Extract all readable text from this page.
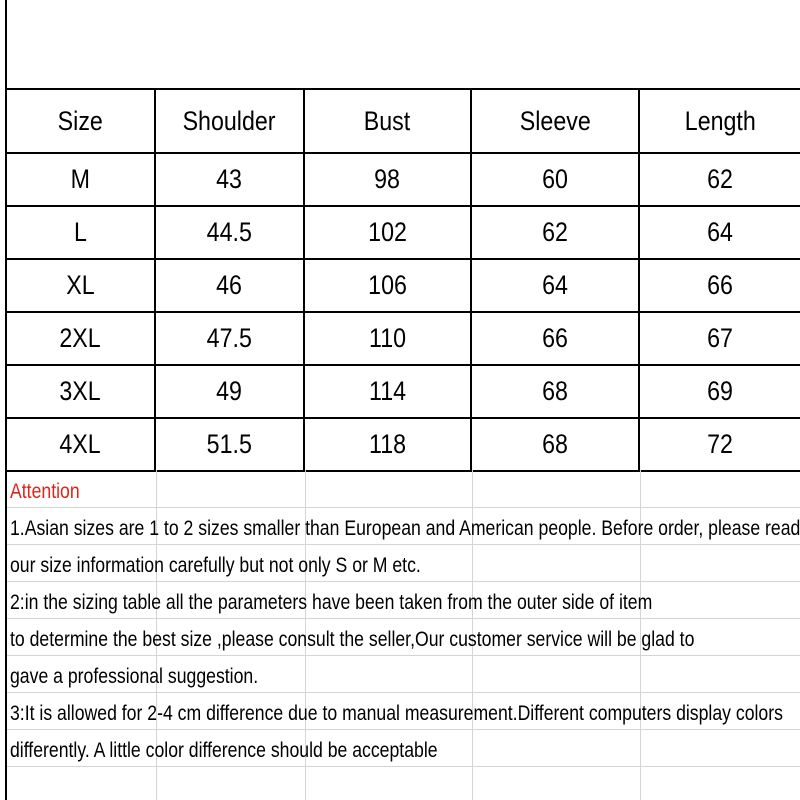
Size	Shoulder	Bust	Sleeve	Length
M	43	98	60	62
L	44.5	102	62	64
XL	46	106	64	66
2XL	47.5	110	66	67
3XL	49	114	68	69
4XL	51.5	118	68	72
Attention
1.Asian sizes are 1 to 2 sizes smaller than European and American people. Before order, please read
our size information carefully but not only S or M etc.
2:in the sizing table all the parameters have been taken from the outer side of item
to determine the best size ,please consult the seller,Our customer service will be glad to
gave a professional suggestion.
3:It is allowed for 2-4 cm difference due to manual measurement.Different computers display colors
differently. A little color difference should be acceptable
